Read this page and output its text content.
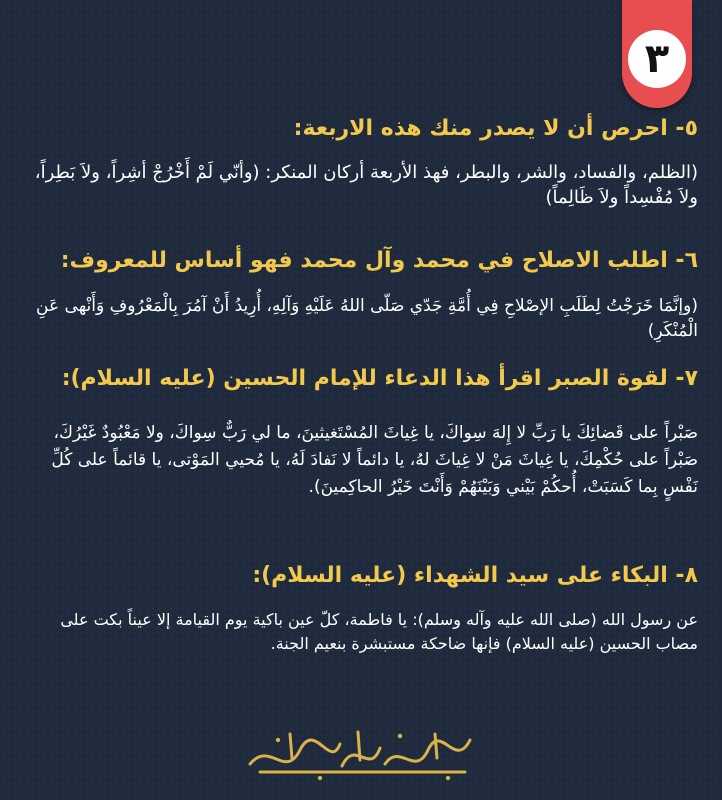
٣
٥- احرص أن لا يصدر منك هذه الاربعة:
(الظلم، والفساد، والشر، والبطر، فهذ الأربعة أركان المنكر: (وأنّي لَمْ أَخْرُجْ أشِراً، ولاَ بَطِراً، ولاَ مُفْسِداً ولاَ ظَالِماً)
٦- اطلب الاصلاح في محمد وآل محمد فهو أساس للمعروف:
(وإنَّمَا خَرَجْتُ لِطَلَبِ الإصْلاحِ فِي أُمَّةِ جَدّي صَلّى اللهُ عَلَيْهِ وَآلِهِ، أُرِيدُ أَنْ آمُرَ بِالْمَعْرُوفِ وَأَنْهى عَنِ الْمُنْكَرِ)
٧- لقوة الصبر اقرأ هذا الدعاء للإمام الحسين (عليه السلام):
صَبْراً على قَضائِكَ يا رَبِّ لا إِلهَ سِواكَ، يا غِياثَ المُسْتَغيثينَ، ما لي رَبٌّ سِواكَ، ولا مَعْبُودٌ غَيْرُكَ، صَبْراً على حُكْمِكَ، يا غِياثَ مَنْ لا غِياثَ لهُ، يا دائماً لا نَفادَ لَهُ، يا مُحيي المَوْتى، يا قائماً على كُلِّ نَفْسٍ بِما كَسَبَتْ، أُحكُمْ بَيْني وَبَيْنَهُمْ وَأَنْتَ خَيْرُ الحاكِمينَ).
٨- البكاء على سيد الشهداء (عليه السلام):
عن رسول الله (صلى الله عليه وآله وسلم): يا فاطمة، كلّ عين باكية يوم القيامة إلا عيناً بكت على مصاب الحسين (عليه السلام) فإنها ضاحكة مستبشرة بنعيم الجنة.
